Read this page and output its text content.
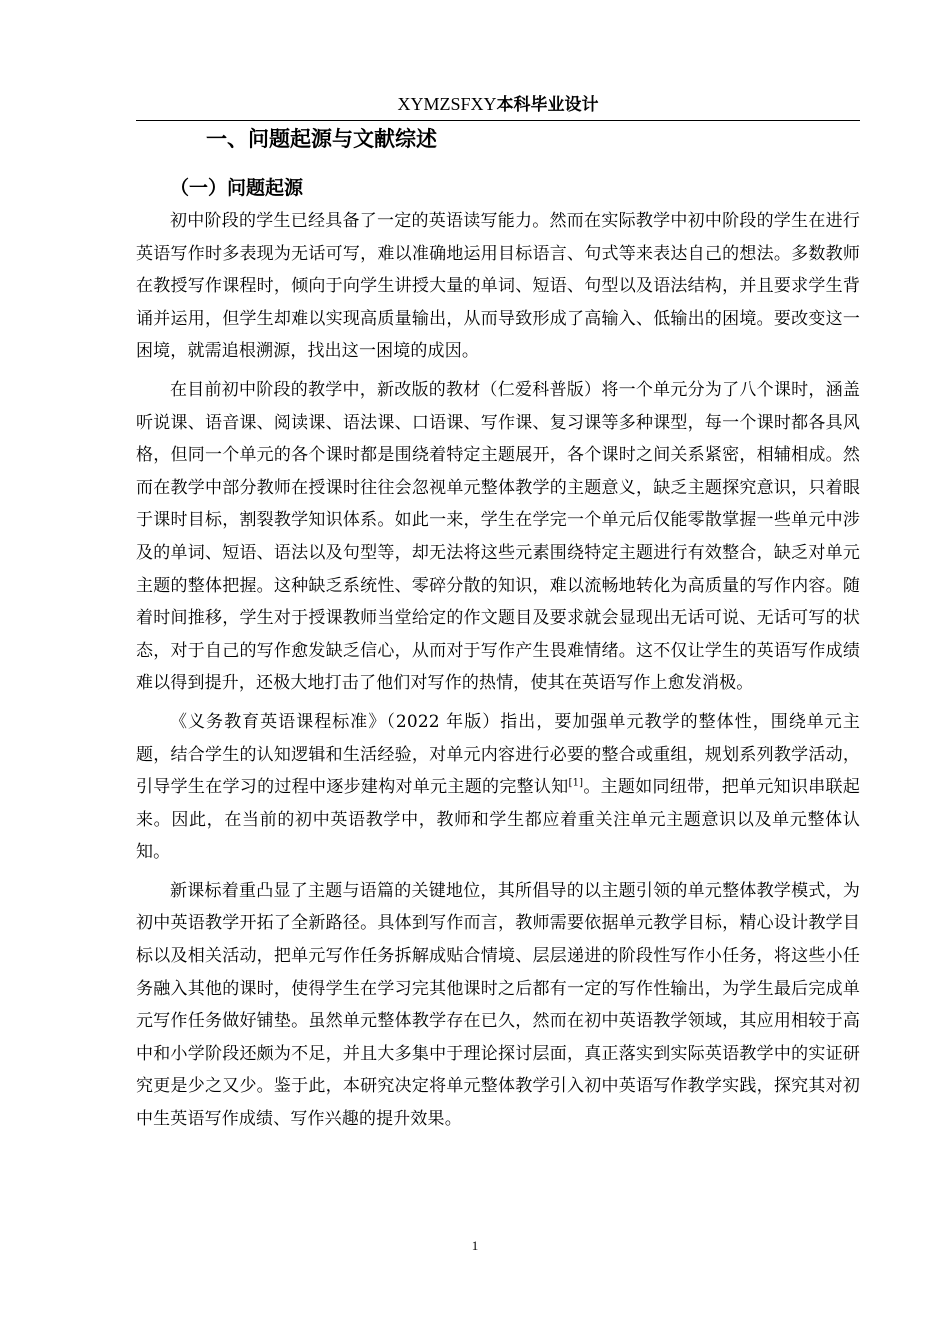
XYMZSFXY本科毕业设计
一、问题起源与文献综述
（一）问题起源

初中阶段的学生已经具备了一定的英语读写能力。然而在实际教学中初中阶段的学生在进行英语写作时多表现为无话可写，难以准确地运用目标语言、句式等来表达自己的想法。多数教师在教授写作课程时，倾向于向学生讲授大量的单词、短语、句型以及语法结构，并且要求学生背诵并运用，但学生却难以实现高质量输出，从而导致形成了高输入、低输出的困境。要改变这一困境，就需追根溯源，找出这一困境的成因。

在目前初中阶段的教学中，新改版的教材（仁爱科普版）将一个单元分为了八个课时，涵盖听说课、语音课、阅读课、语法课、口语课、写作课、复习课等多种课型，每一个课时都各具风格，但同一个单元的各个课时都是围绕着特定主题展开，各个课时之间关系紧密，相辅相成。然而在教学中部分教师在授课时往往会忽视单元整体教学的主题意义，缺乏主题探究意识，只着眼于课时目标，割裂教学知识体系。如此一来，学生在学完一个单元后仅能零散掌握一些单元中涉及的单词、短语、语法以及句型等，却无法将这些元素围绕特定主题进行有效整合，缺乏对单元主题的整体把握。这种缺乏系统性、零碎分散的知识，难以流畅地转化为高质量的写作内容。随着时间推移，学生对于授课教师当堂给定的作文题目及要求就会显现出无话可说、无话可写的状态，对于自己的写作愈发缺乏信心，从而对于写作产生畏难情绪。这不仅让学生的英语写作成绩难以得到提升，还极大地打击了他们对写作的热情，使其在英语写作上愈发消极。

《义务教育英语课程标准》（2022 年版）指出，要加强单元教学的整体性，围绕单元主题，结合学生的认知逻辑和生活经验，对单元内容进行必要的整合或重组，规划系列教学活动，引导学生在学习的过程中逐步建构对单元主题的完整认知[1]。主题如同纽带，把单元知识串联起来。因此，在当前的初中英语教学中，教师和学生都应着重关注单元主题意识以及单元整体认知。

新课标着重凸显了主题与语篇的关键地位，其所倡导的以主题引领的单元整体教学模式，为初中英语教学开拓了全新路径。具体到写作而言，教师需要依据单元教学目标，精心设计教学目标以及相关活动，把单元写作任务拆解成贴合情境、层层递进的阶段性写作小任务，将这些小任务融入其他的课时，使得学生在学习完其他课时之后都有一定的写作性输出，为学生最后完成单元写作任务做好铺垫。虽然单元整体教学存在已久，然而在初中英语教学领域，其应用相较于高中和小学阶段还颇为不足，并且大多集中于理论探讨层面，真正落实到实际英语教学中的实证研究更是少之又少。鉴于此，本研究决定将单元整体教学引入初中英语写作教学实践，探究其对初中生英语写作成绩、写作兴趣的提升效果。

1
